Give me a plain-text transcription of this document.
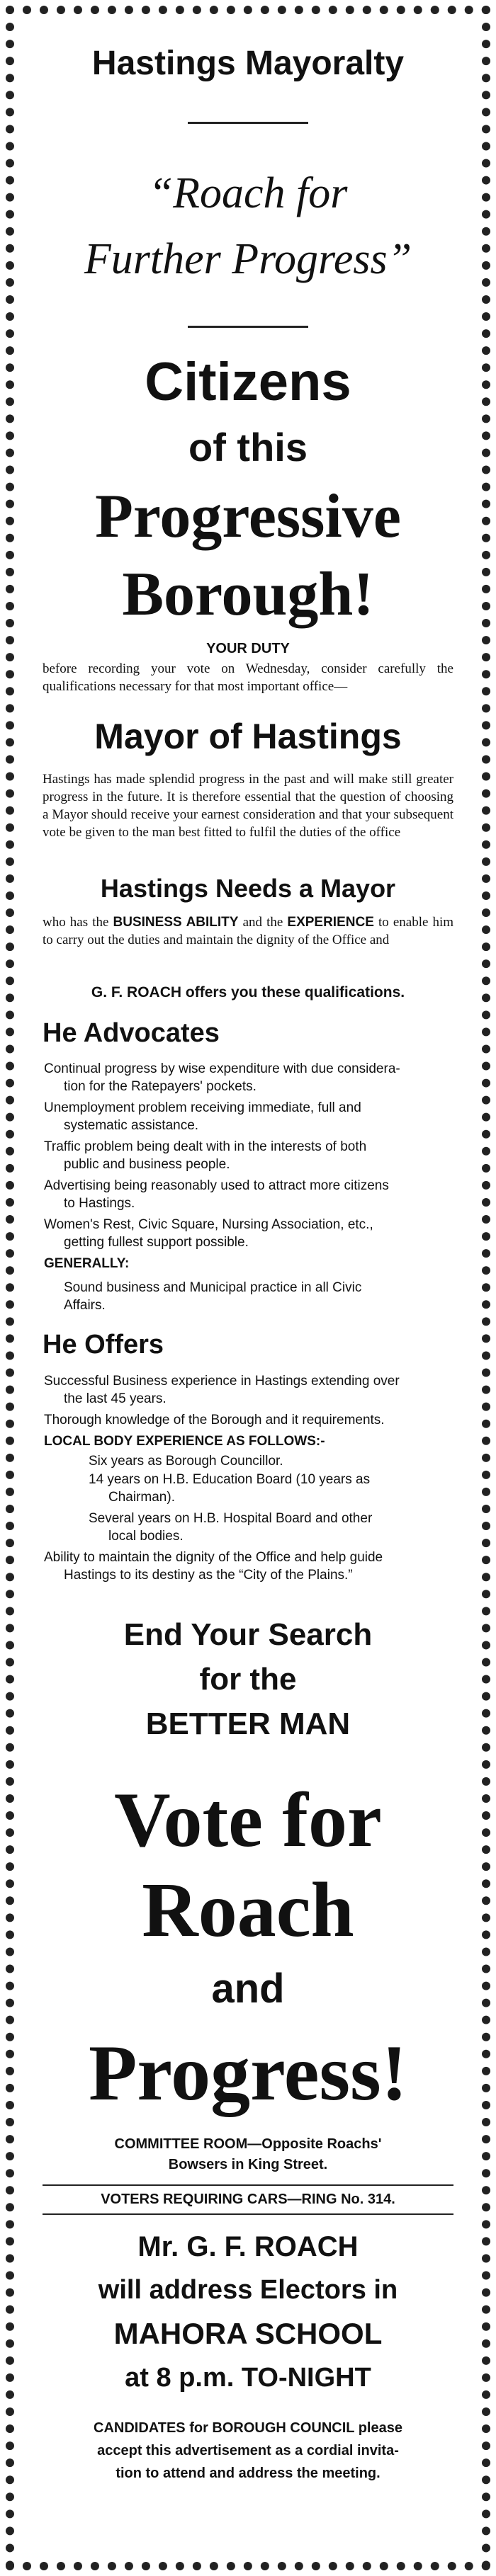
Hastings Mayoralty
“Roach for
Further Progress”
Citizens
of this
Progressive
Borough!
YOUR DUTY
before recording your vote on Wednesday, consider carefully the qualifications necessary for that most important office—
Mayor of Hastings
Hastings has made splendid progress in the past and will make still greater progress in the future. It is therefore essential that the question of choosing a Mayor should receive your earnest consideration and that your subsequent vote be given to the man best fitted to fulfil the duties of the office
Hastings Needs a Mayor
who has the BUSINESS ABILITY and the EXPERIENCE to enable him to carry out the duties and maintain the dignity of the Office and
G. F. ROACH offers you these qualifications.
He Advocates
Continual progress by wise expenditure with due considera-
tion for the Ratepayers' pockets.
Unemployment problem receiving immediate, full and
systematic assistance.
Traffic problem being dealt with in the interests of both
public and business people.
Advertising being reasonably used to attract more citizens
to Hastings.
Women's Rest, Civic Square, Nursing Association, etc.,
getting fullest support possible.
GENERALLY:
Sound business and Municipal practice in all Civic
Affairs.
He Offers
Successful Business experience in Hastings extending over
the last 45 years.
Thorough knowledge of the Borough and it requirements.
LOCAL BODY EXPERIENCE AS FOLLOWS:-
Six years as Borough Councillor.
14 years on H.B. Education Board (10 years as
Chairman).
Several years on H.B. Hospital Board and other
local bodies.
Ability to maintain the dignity of the Office and help guide
Hastings to its destiny as the “City of the Plains.”
End Your Search
for the
BETTER MAN
Vote for
Roach
and
Progress!
COMMITTEE ROOM—Opposite Roachs'
Bowsers in King Street.
VOTERS REQUIRING CARS—RING No. 314.
Mr. G. F. ROACH
will address Electors in
MAHORA SCHOOL
at 8 p.m. TO-NIGHT
CANDIDATES for BOROUGH COUNCIL please
accept this advertisement as a cordial invita-
tion to attend and address the meeting.
